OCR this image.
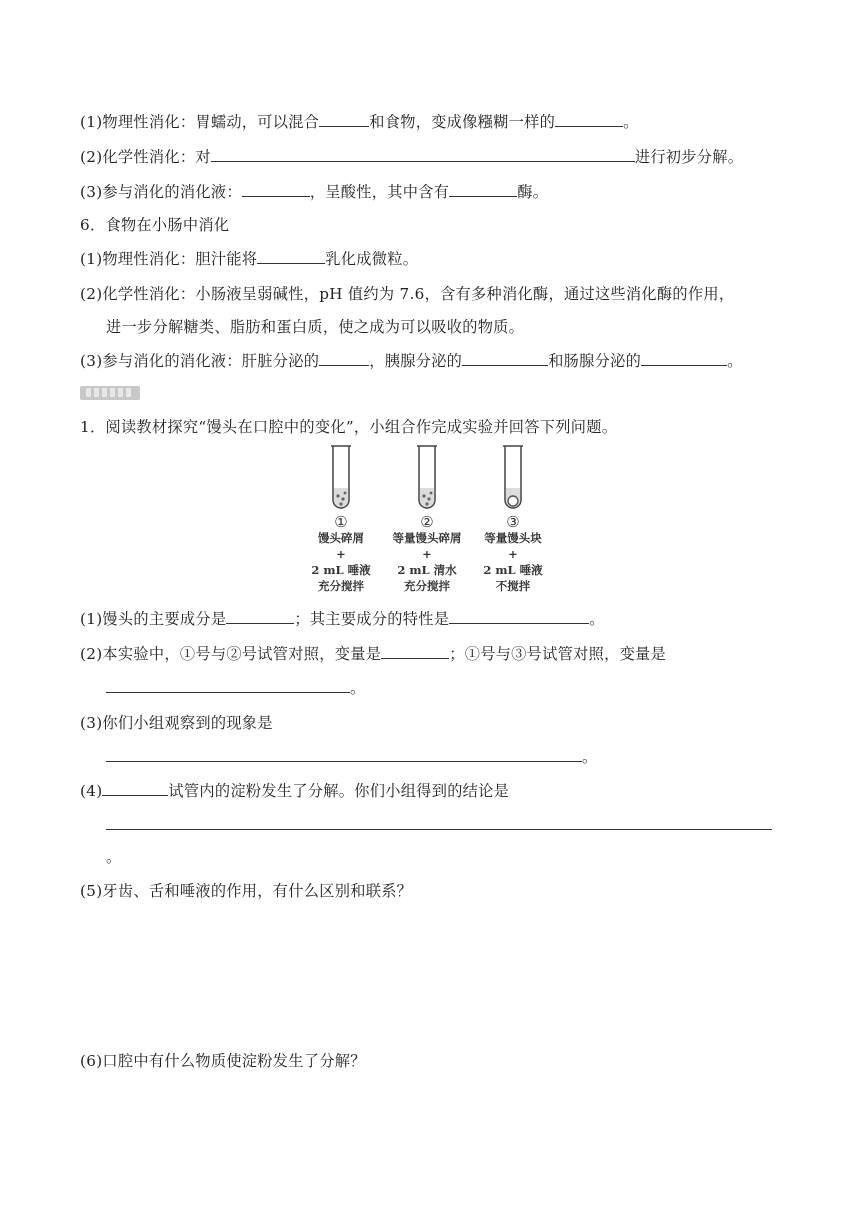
(1)物理性消化：胃蠕动，可以混合	和食物，变成像糨糊一样的	。
(2)化学性消化：对	进行初步分解。
(3)参与消化的消化液：	，呈酸性，其中含有	酶。
6．食物在小肠中消化
(1)物理性消化：胆汁能将	乳化成微粒。
(2)化学性消化：小肠液呈弱碱性，pH 值约为 7.6，含有多种消化酶，通过这些消化酶的作用，
进一步分解糖类、脂肪和蛋白质，使之成为可以吸收的物质。
(3)参与消化的消化液：肝脏分泌的	，胰腺分泌的	和肠腺分泌的	。
1．阅读教材探究“馒头在口腔中的变化”，小组合作完成实验并回答下列问题。
①
馒头碎屑
+
2 mL 唾液
充分搅拌
②
等量馒头碎屑
+
2 mL 清水
充分搅拌
③
等量馒头块
+
2 mL 唾液
不搅拌
(1)馒头的主要成分是	；其主要成分的特性是	。
(2)本实验中，①号与②号试管对照，变量是	；①号与③号试管对照，变量是
。
(3)你们小组观察到的现象是
。
(4)	试管内的淀粉发生了分解。你们小组得到的结论是
。
(5)牙齿、舌和唾液的作用，有什么区别和联系？
(6)口腔中有什么物质使淀粉发生了分解？
